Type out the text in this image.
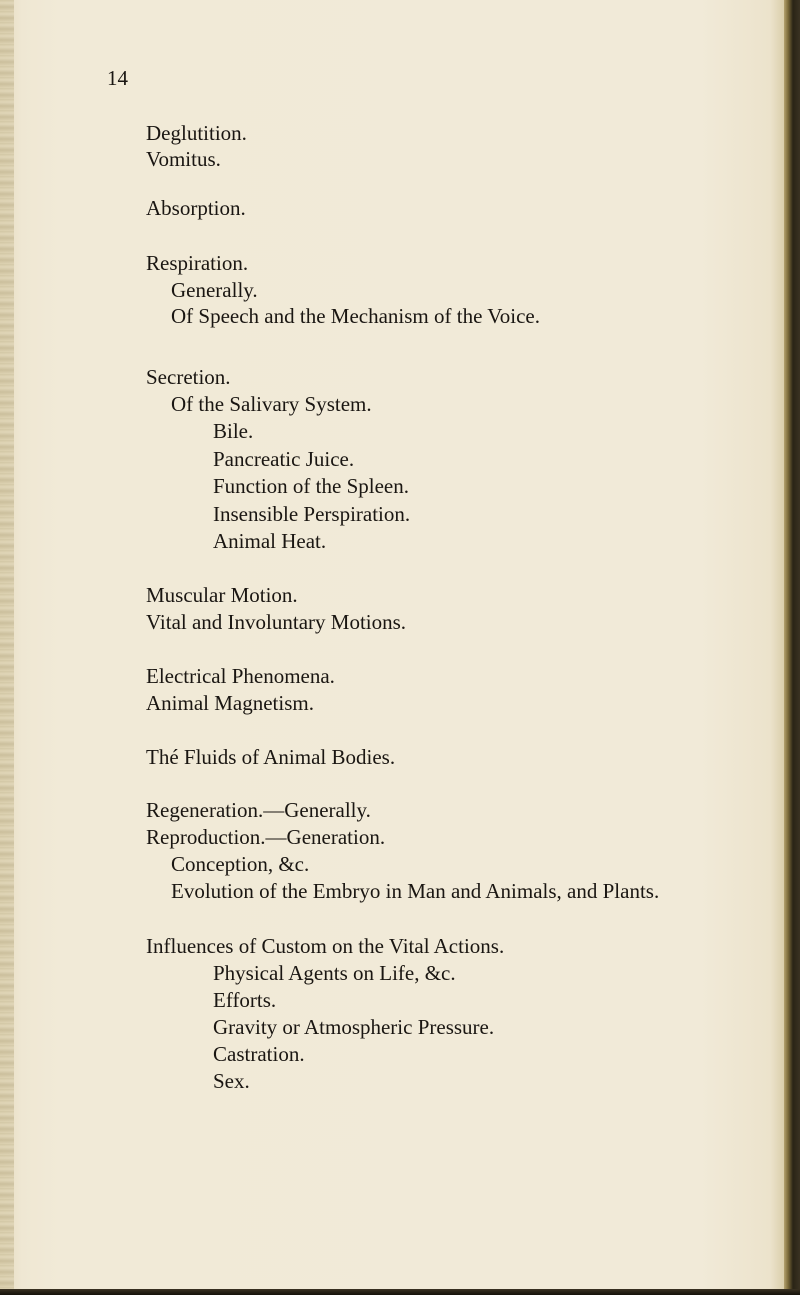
14
Deglutition.
Vomitus.
Absorption.
Respiration.
Generally.
Of Speech and the Mechanism of the Voice.
Secretion.
Of the Salivary System.
Bile.
Pancreatic Juice.
Function of the Spleen.
Insensible Perspiration.
Animal Heat.
Muscular Motion.
Vital and Involuntary Motions.
Electrical Phenomena.
Animal Magnetism.
Thé Fluids of Animal Bodies.
Regeneration.—Generally.
Reproduction.—Generation.
Conception, &c.
Evolution of the Embryo in Man and Animals, and Plants.
Influences of Custom on the Vital Actions.
Physical Agents on Life, &c.
Efforts.
Gravity or Atmospheric Pressure.
Castration.
Sex.
